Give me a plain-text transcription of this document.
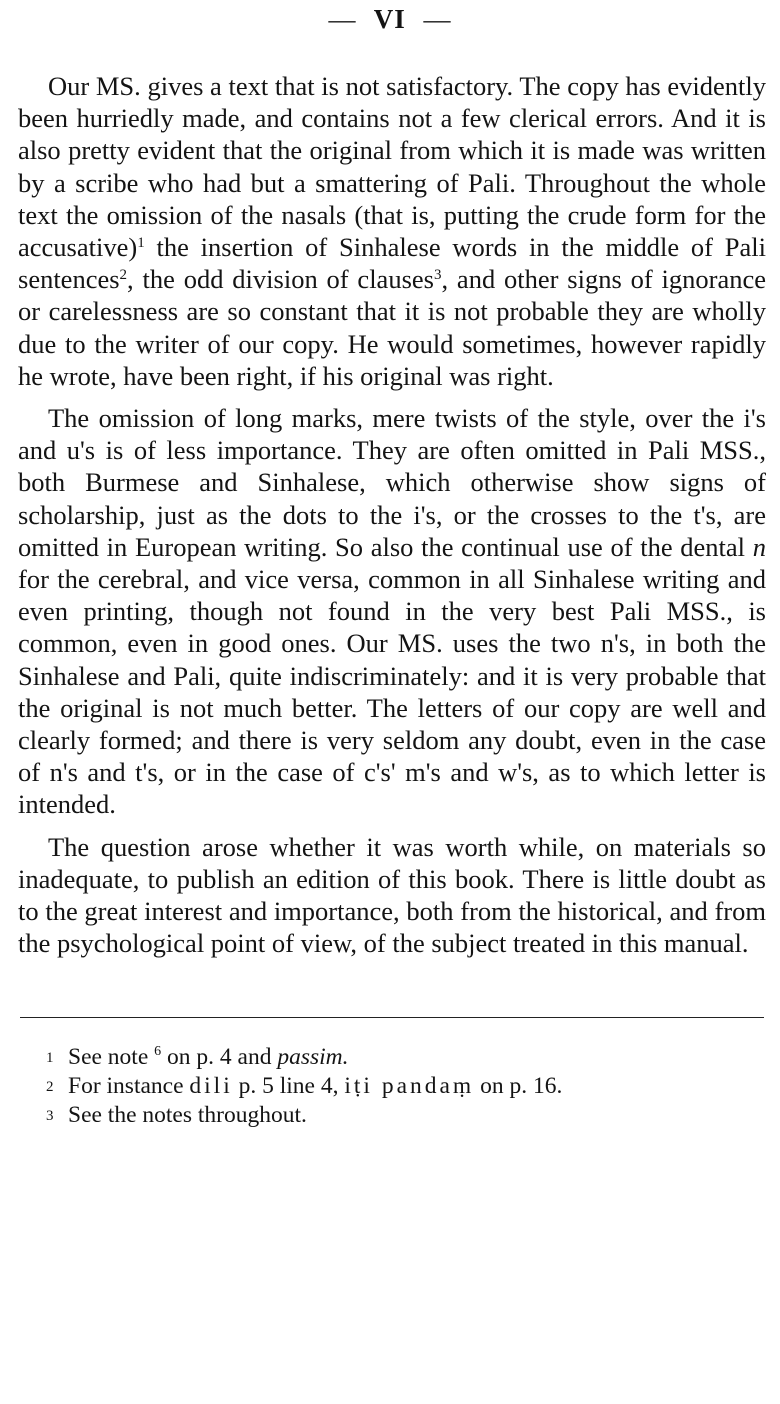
— VI —

Our MS. gives a text that is not satisfactory. The copy has evidently been hurriedly made, and contains not a few clerical errors. And it is also pretty evident that the original from which it is made was written by a scribe who had but a smattering of Pali. Throughout the whole text the omission of the nasals (that is, putting the crude form for the accusative)$^1$ the insertion of Sinhalese words in the middle of Pali sentences$^2$, the odd division of clauses$^3$, and other signs of ignorance or carelessness are so constant that it is not probable they are wholly due to the writer of our copy. He would sometimes, however rapidly he wrote, have been right, if his original was right.

The omission of long marks, mere twists of the style, over the i's and u's is of less importance. They are often omitted in Pali MSS., both Burmese and Sinhalese, which otherwise show signs of scholarship, just as the dots to the i's, or the crosses to the t's, are omitted in European writing. So also the continual use of the dental n for the cerebral, and vice versa, common in all Sinhalese writing and even printing, though not found in the very best Pali MSS., is common, even in good ones. Our MS. uses the two n's, in both the Sinhalese and Pali, quite indiscriminately: and it is very probable that the original is not much better. The letters of our copy are well and clearly formed; and there is very seldom any doubt, even in the case of n's and t's, or in the case of c's' m's and w's, as to which letter is intended.

The question arose whether it was worth while, on materials so inadequate, to publish an edition of this book. There is little doubt as to the great interest and importance, both from the historical, and from the psychological point of view, of the subject treated in this manual.

1 See note $^6$ on p. 4 and passim.
2 For instance dili p. 5 line 4, iṭi pandaṃ on p. 16.
3 See the notes throughout.
